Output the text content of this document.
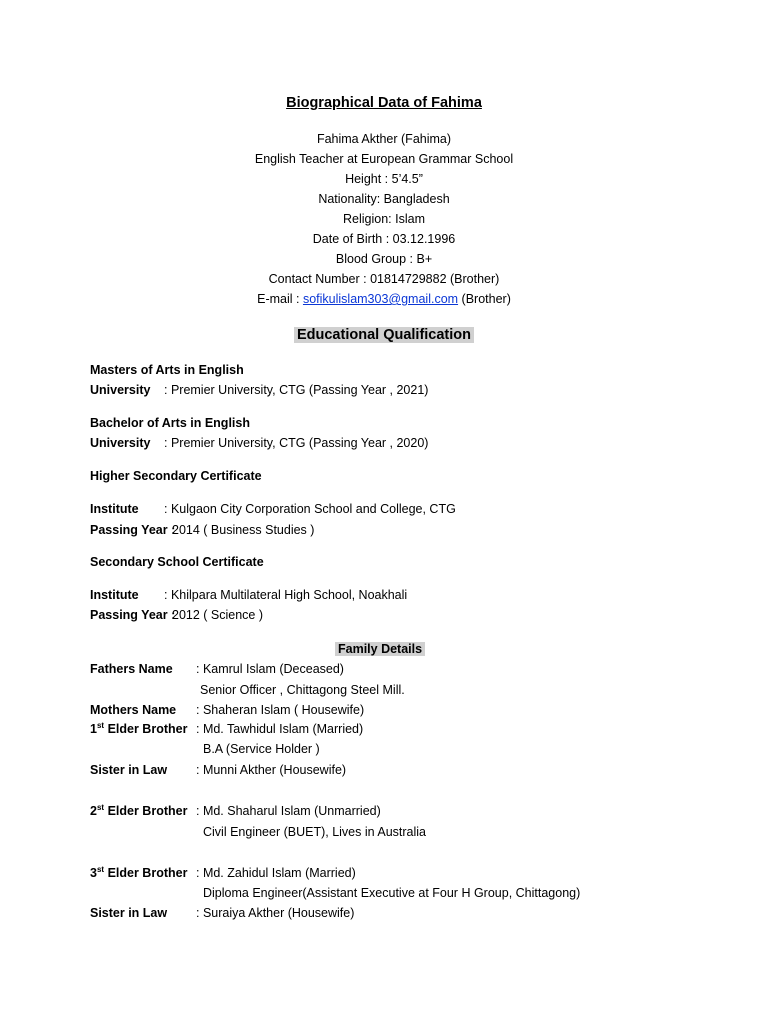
Biographical Data of Fahima
Fahima Akther (Fahima)
English Teacher at European Grammar School
Height : 5’4.5”
Nationality: Bangladesh
Religion: Islam
Date of Birth : 03.12.1996
Blood Group : B+
Contact Number : 01814729882 (Brother)
E-mail : sofikulislam303@gmail.com (Brother)
Educational Qualification
Masters of Arts in English
University : Premier University, CTG (Passing Year , 2021)
Bachelor of Arts in English
University : Premier University, CTG (Passing Year , 2020)
Higher Secondary Certificate
Institute : Kulgaon City Corporation School and College, CTG
Passing Year :
2014 ( Business Studies )
Secondary School Certificate
Institute : Khilpara Multilateral High School, Noakhali
Passing Year :
2012 ( Science )
Family Details
Fathers Name : Kamrul Islam (Deceased)
Senior Officer , Chittagong Steel Mill.
Mothers Name : Shaheran Islam ( Housewife)
1st Elder Brother : Md. Tawhidul Islam (Married)
B.A (Service Holder )
Sister in Law : Munni Akther (Housewife)
2st Elder Brother : Md. Shaharul Islam (Unmarried)
Civil Engineer (BUET), Lives in Australia
3st Elder Brother : Md. Zahidul Islam (Married)
Diploma Engineer(Assistant Executive at Four H Group, Chittagong)
Sister in Law : Suraiya Akther (Housewife)
